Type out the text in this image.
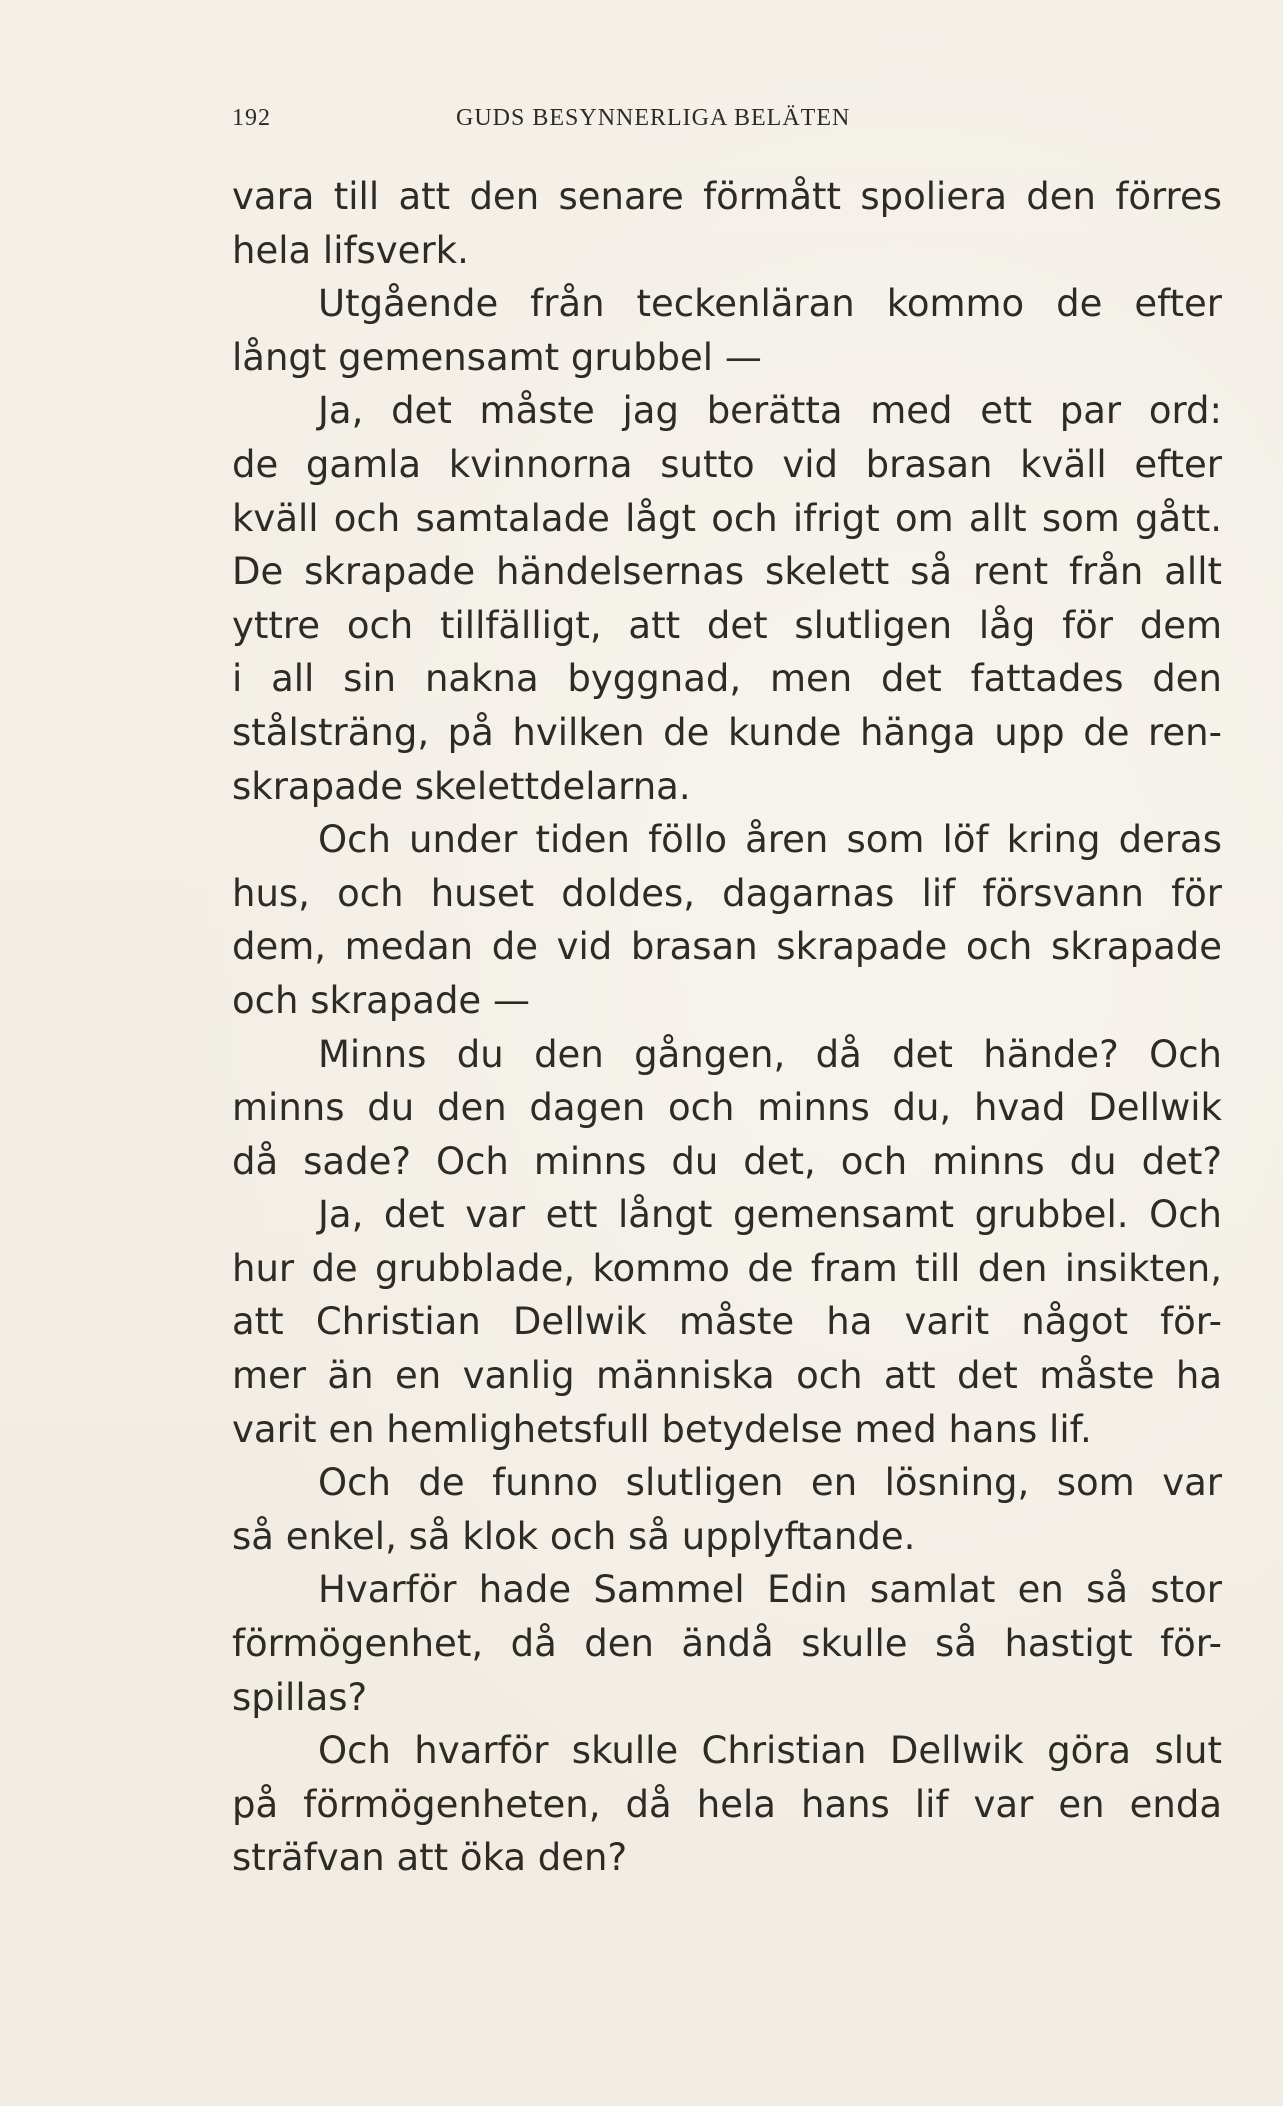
192	GUDS BESYNNERLIGA BELÄTEN
vara till att den senare förmått spoliera den förres
hela lifsverk.
Utgående från teckenläran kommo de efter
långt gemensamt grubbel —
Ja, det måste jag berätta med ett par ord:
de gamla kvinnorna sutto vid brasan kväll efter
kväll och samtalade lågt och ifrigt om allt som gått.
De skrapade händelsernas skelett så rent från allt
yttre och tillfälligt, att det slutligen låg för dem
i all sin nakna byggnad, men det fattades den
stålsträng, på hvilken de kunde hänga upp de ren-
skrapade skelettdelarna.
Och under tiden föllo åren som löf kring deras
hus, och huset doldes, dagarnas lif försvann för
dem, medan de vid brasan skrapade och skrapade
och skrapade —
Minns du den gången, då det hände? Och
minns du den dagen och minns du, hvad Dellwik
då sade? Och minns du det, och minns du det?
Ja, det var ett långt gemensamt grubbel. Och
hur de grubblade, kommo de fram till den insikten,
att Christian Dellwik måste ha varit något för-
mer än en vanlig människa och att det måste ha
varit en hemlighetsfull betydelse med hans lif.
Och de funno slutligen en lösning, som var
så enkel, så klok och så upplyftande.
Hvarför hade Sammel Edin samlat en så stor
förmögenhet, då den ändå skulle så hastigt för-
spillas?
Och hvarför skulle Christian Dellwik göra slut
på förmögenheten, då hela hans lif var en enda
sträfvan att öka den?
